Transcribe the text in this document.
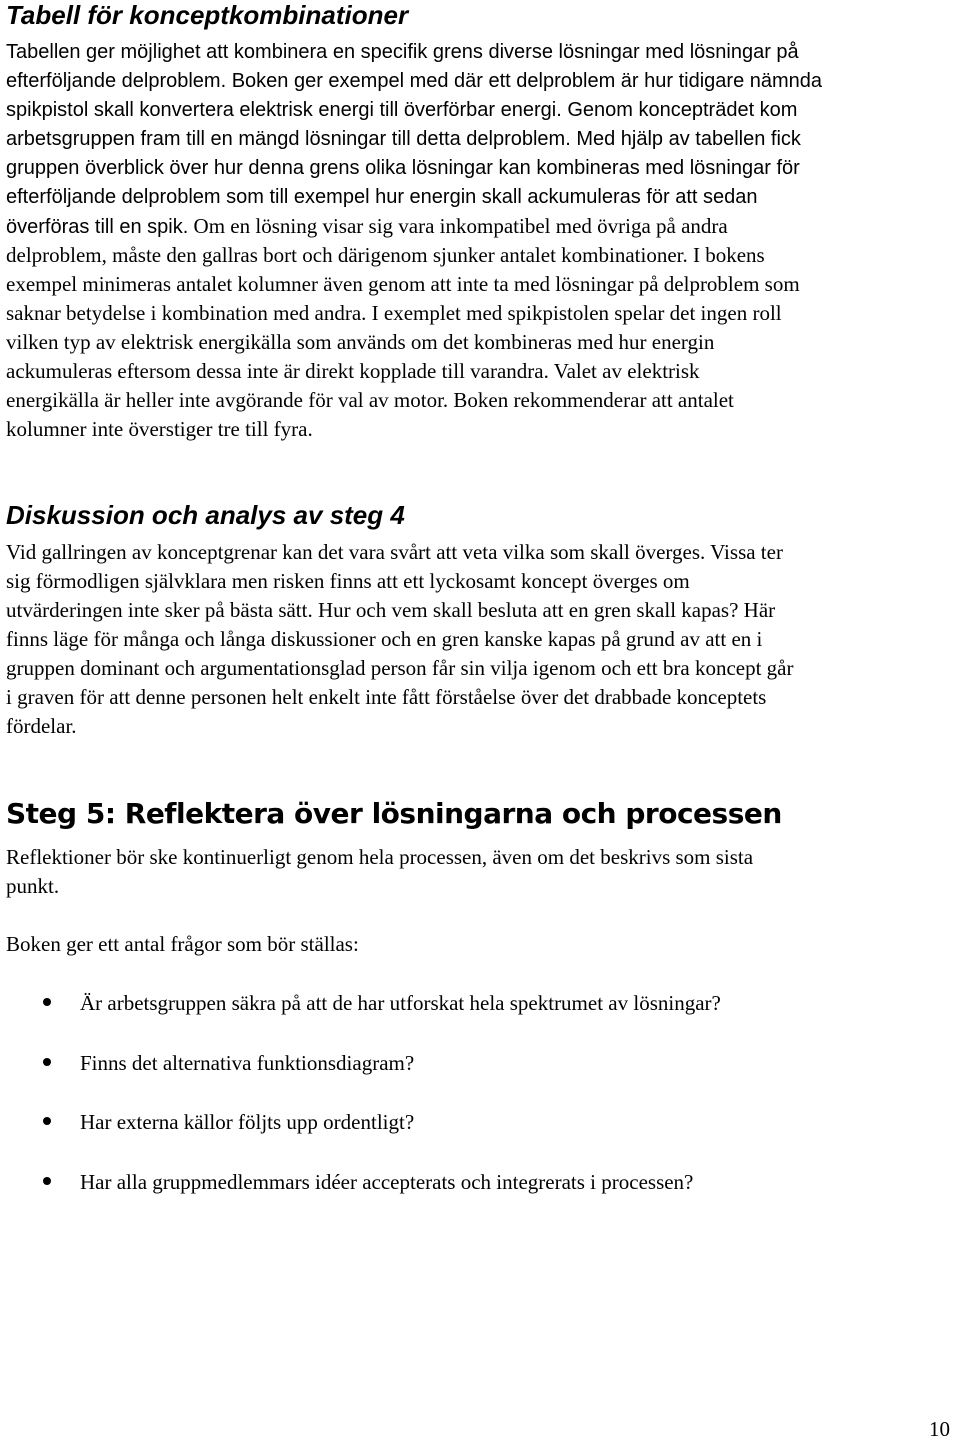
Tabell för konceptkombinationer
Tabellen ger möjlighet att kombinera en specifik grens diverse lösningar med lösningar på
efterföljande delproblem. Boken ger exempel med där ett delproblem är hur tidigare nämnda
spikpistol skall konvertera elektrisk energi till överförbar energi. Genom koncepträdet kom
arbetsgruppen fram till en mängd lösningar till detta delproblem. Med hjälp av tabellen fick
gruppen överblick över hur denna grens olika lösningar kan kombineras med lösningar för
efterföljande delproblem som till exempel hur energin skall ackumuleras för att sedan
överföras till en spik. Om en lösning visar sig vara inkompatibel med övriga på andra
delproblem, måste den gallras bort och därigenom sjunker antalet kombinationer. I bokens
exempel minimeras antalet kolumner även genom att inte ta med lösningar på delproblem som
saknar betydelse i kombination med andra. I exemplet med spikpistolen spelar det ingen roll
vilken typ av elektrisk energikälla som används om det kombineras med hur energin
ackumuleras eftersom dessa inte är direkt kopplade till varandra. Valet av elektrisk
energikälla är heller inte avgörande för val av motor. Boken rekommenderar att antalet
kolumner inte överstiger tre till fyra.
Diskussion och analys av steg 4
Vid gallringen av konceptgrenar kan det vara svårt att veta vilka som skall överges. Vissa ter
sig förmodligen självklara men risken finns att ett lyckosamt koncept överges om
utvärderingen inte sker på bästa sätt. Hur och vem skall besluta att en gren skall kapas? Här
finns läge för många och långa diskussioner och en gren kanske kapas på grund av att en i
gruppen dominant och argumentationsglad person får sin vilja igenom och ett bra koncept går
i graven för att denne personen helt enkelt inte fått förståelse över det drabbade konceptets
fördelar.
Steg 5: Reflektera över lösningarna och processen
Reflektioner bör ske kontinuerligt genom hela processen, även om det beskrivs som sista
punkt.
Boken ger ett antal frågor som bör ställas:
Är arbetsgruppen säkra på att de har utforskat hela spektrumet av lösningar?
Finns det alternativa funktionsdiagram?
Har externa källor följts upp ordentligt?
Har alla gruppmedlemmars idéer accepterats och integrerats i processen?
10
